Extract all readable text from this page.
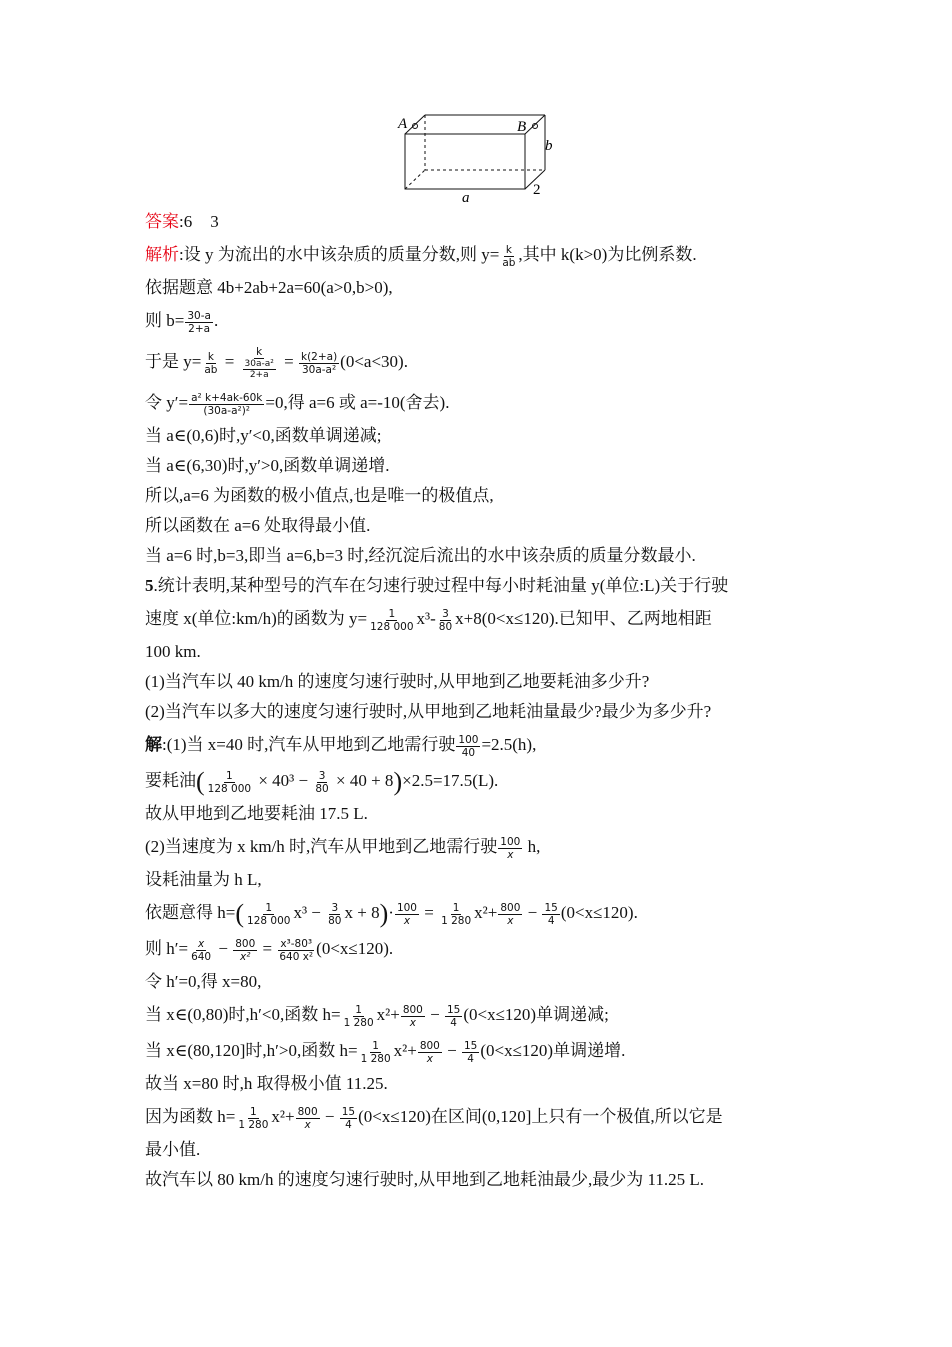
A	B
b
a	2
答案:6 3
解析:设 y 为流出的水中该杂质的质量分数,则 $y= \frac{k}{ab}$ ,其中 k(k>0)为比例系数.
依据题意 4b+2ab+2a=60(a>0,b>0),
则 $b= \frac{30-a}{2+a}$ .
于是 $y= \frac{k}{ab} = \frac{k}{\frac{\text{30a-a²}}{2+a}} = \frac{k(2+a)}{\text{30a-a²}} (0<a<30)$.
令 $y'= \frac{\text{a² k+4ak-60k}}{\text{(30a-a²)²}} =0$,得 a=6 或 a=-10(舍去).
当 a∈(0,6)时,y′<0,函数单调递减;
当 a∈(6,30)时,y′>0,函数单调递增.
所以,a=6 为函数的极小值点,也是唯一的极值点,
所以函数在 a=6 处取得最小值.
当 a=6 时,b=3,即当 a=6,b=3 时,经沉淀后流出的水中该杂质的质量分数最小.
5.统计表明,某种型号的汽车在匀速行驶过程中每小时耗油量 y(单位:L)关于行驶
速度 x(单位:km/h)的函数为 $y= \frac{1}{128 000} x^3- \frac{3}{80} x+8(0<x\le 120)$.已知甲、乙两地相距
100 km.
(1)当汽车以 40 km/h 的速度匀速行驶时,从甲地到乙地要耗油多少升?
(2)当汽车以多大的速度匀速行驶时,从甲地到乙地耗油量最少?最少为多少升?
解:(1)当 x=40 时,汽车从甲地到乙地需行驶 $\frac{100}{40} =2.5(h)$,
要耗油( $\frac{1}{128 000} \times 40^3 - \frac{3}{80} \times 40 + 8)\times 2.5=17.5(L)$.
故从甲地到乙地要耗油 17.5 L.
(2)当速度为 x km/h 时,汽车从甲地到乙地需行驶 $\frac{100}{x} h$,
设耗油量为 h L,
依题意得 $h=( \frac{1}{128 000} x^3 - \frac{3}{80}$ $x + 8)\cdot \frac{100}{x} = \frac{1}{1 280} x^2+ \frac{800}{x} - \frac{15}{4} (0<x\le 120)$.
则 $h'= \frac{x}{640} - \frac{800}{\text{x²}} = \frac{\text{x³-80³}}{\text{640 x²}} (0<x\le 120)$.
令 h′=0,得 x=80,
当 x∈(0,80)时,h′<0,函数 $h= \frac{1}{1 280} x^2+ \frac{800}{x} - \frac{15}{4} (0<x\le 120)$单调递减;
当 x∈(80,120]时,h′>0,函数 $h= \frac{1}{1 280} x^2+ \frac{800}{x} - \frac{15}{4} (0<x\le 120)$单调递增.
故当 x=80 时,h 取得极小值 11.25.
因为函数 $h= \frac{1}{1 280} x^2+ \frac{800}{x} - \frac{15}{4} (0<x\le 120)$在区间(0,120]上只有一个极值,所以它是
最小值.
故汽车以 80 km/h 的速度匀速行驶时,从甲地到乙地耗油最少,最少为 11.25 L.
